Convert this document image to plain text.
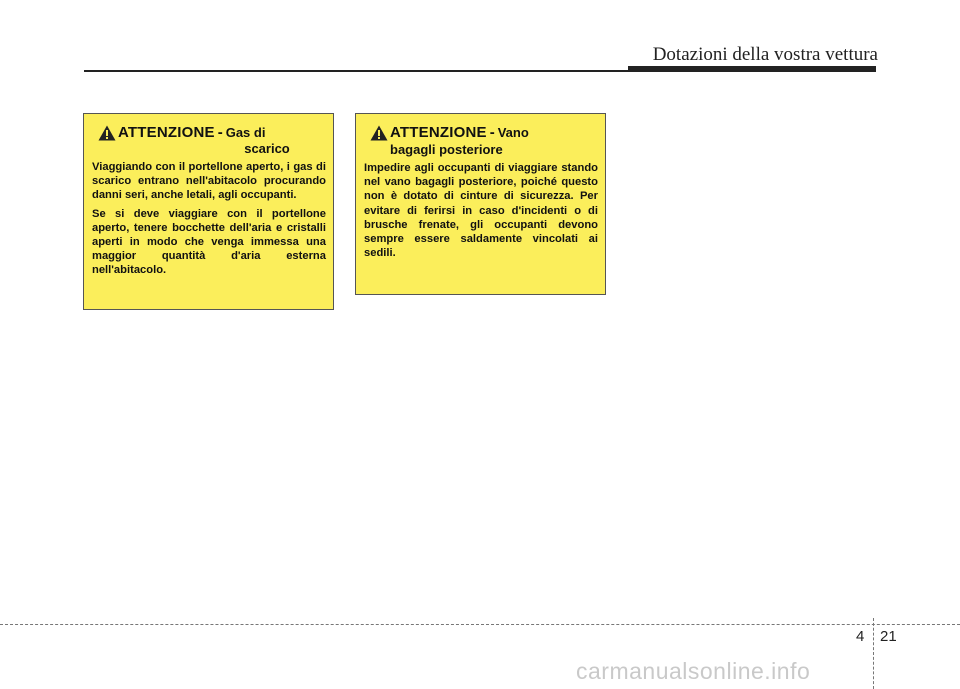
Dotazioni della vostra vettura
ATTENZIONE - Gas di
scarico

Viaggiando con il portellone aperto, i gas di scarico entrano nell'abitacolo procurando danni seri, anche letali, agli occupanti.

Se si deve viaggiare con il portellone aperto, tenere bocchette dell'aria e cristalli aperti in modo che venga immessa una maggior quantità d'aria esterna nell'abitacolo.

ATTENZIONE - Vano
bagagli posteriore

Impedire agli occupanti di viaggiare stando nel vano bagagli posteriore, poiché questo non è dotato di cinture di sicurezza. Per evitare di ferirsi in caso d'incidenti o di brusche frenate, gli occupanti devono sempre essere saldamente vincolati ai sedili.

4 21
carmanualsonline.info
